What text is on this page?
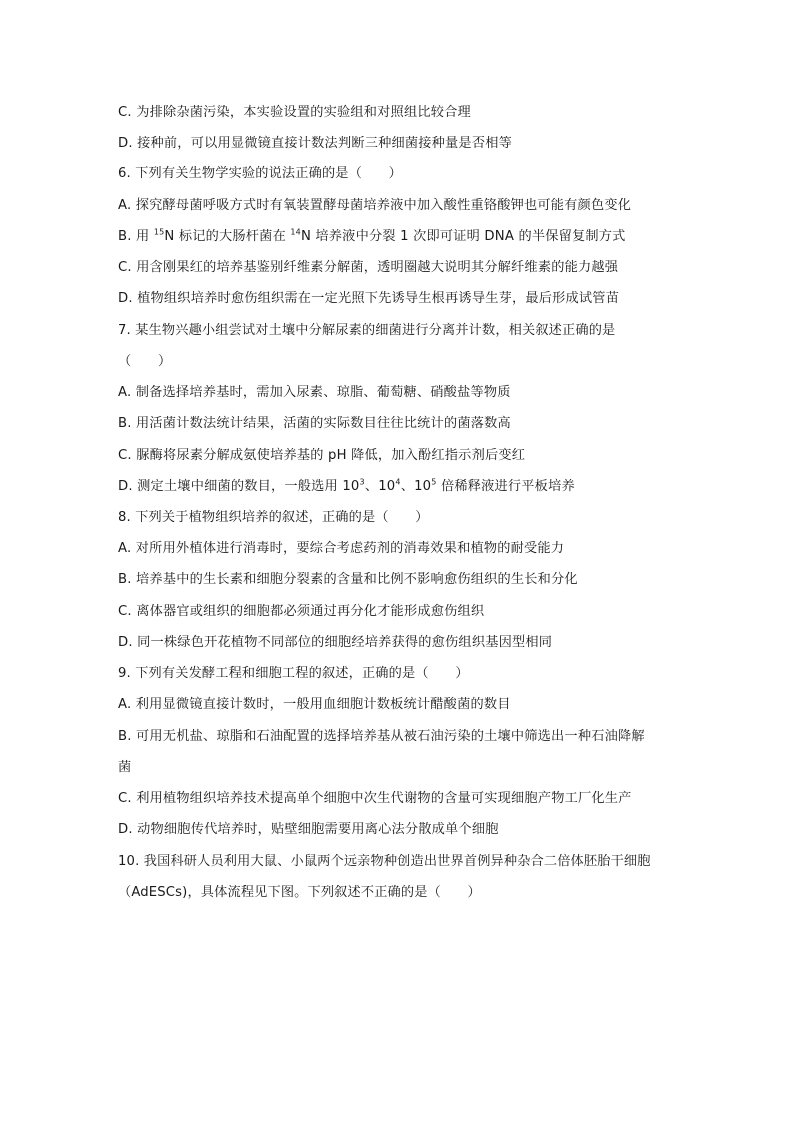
C. 为排除杂菌污染，本实验设置的实验组和对照组比较合理
D. 接种前，可以用显微镜直接计数法判断三种细菌接种量是否相等
6. 下列有关生物学实验的说法正确的是（　　）
A. 探究酵母菌呼吸方式时有氧装置酵母菌培养液中加入酸性重铬酸钾也可能有颜色变化
B. 用 $^{15}$N 标记的大肠杆菌在 $^{14}$N 培养液中分裂 1 次即可证明 DNA 的半保留复制方式
C. 用含刚果红的培养基鉴别纤维素分解菌，透明圈越大说明其分解纤维素的能力越强
D. 植物组织培养时愈伤组织需在一定光照下先诱导生根再诱导生芽，最后形成试管苗
7. 某生物兴趣小组尝试对土壤中分解尿素的细菌进行分离并计数，相关叙述正确的是
（　　）
A. 制备选择培养基时，需加入尿素、琼脂、葡萄糖、硝酸盐等物质
B. 用活菌计数法统计结果，活菌的实际数目往往比统计的菌落数高
C. 脲酶将尿素分解成氨使培养基的 pH 降低，加入酚红指示剂后变红
D. 测定土壤中细菌的数目，一般选用 $10^3$、$10^4$、$10^5$ 倍稀释液进行平板培养
8. 下列关于植物组织培养的叙述，正确的是（　　）
A. 对所用外植体进行消毒时，要综合考虑药剂的消毒效果和植物的耐受能力
B. 培养基中的生长素和细胞分裂素的含量和比例不影响愈伤组织的生长和分化
C. 离体器官或组织的细胞都必须通过再分化才能形成愈伤组织
D. 同一株绿色开花植物不同部位的细胞经培养获得的愈伤组织基因型相同
9. 下列有关发酵工程和细胞工程的叙述，正确的是（　　）
A. 利用显微镜直接计数时，一般用血细胞计数板统计醋酸菌的数目
B. 可用无机盐、琼脂和石油配置的选择培养基从被石油污染的土壤中筛选出一种石油降解
菌
C. 利用植物组织培养技术提高单个细胞中次生代谢物的含量可实现细胞产物工厂化生产
D. 动物细胞传代培养时，贴壁细胞需要用离心法分散成单个细胞
10. 我国科研人员利用大鼠、小鼠两个远亲物种创造出世界首例异种杂合二倍体胚胎干细胞
（AdESCs)，具体流程见下图。下列叙述不正确的是（　　）
